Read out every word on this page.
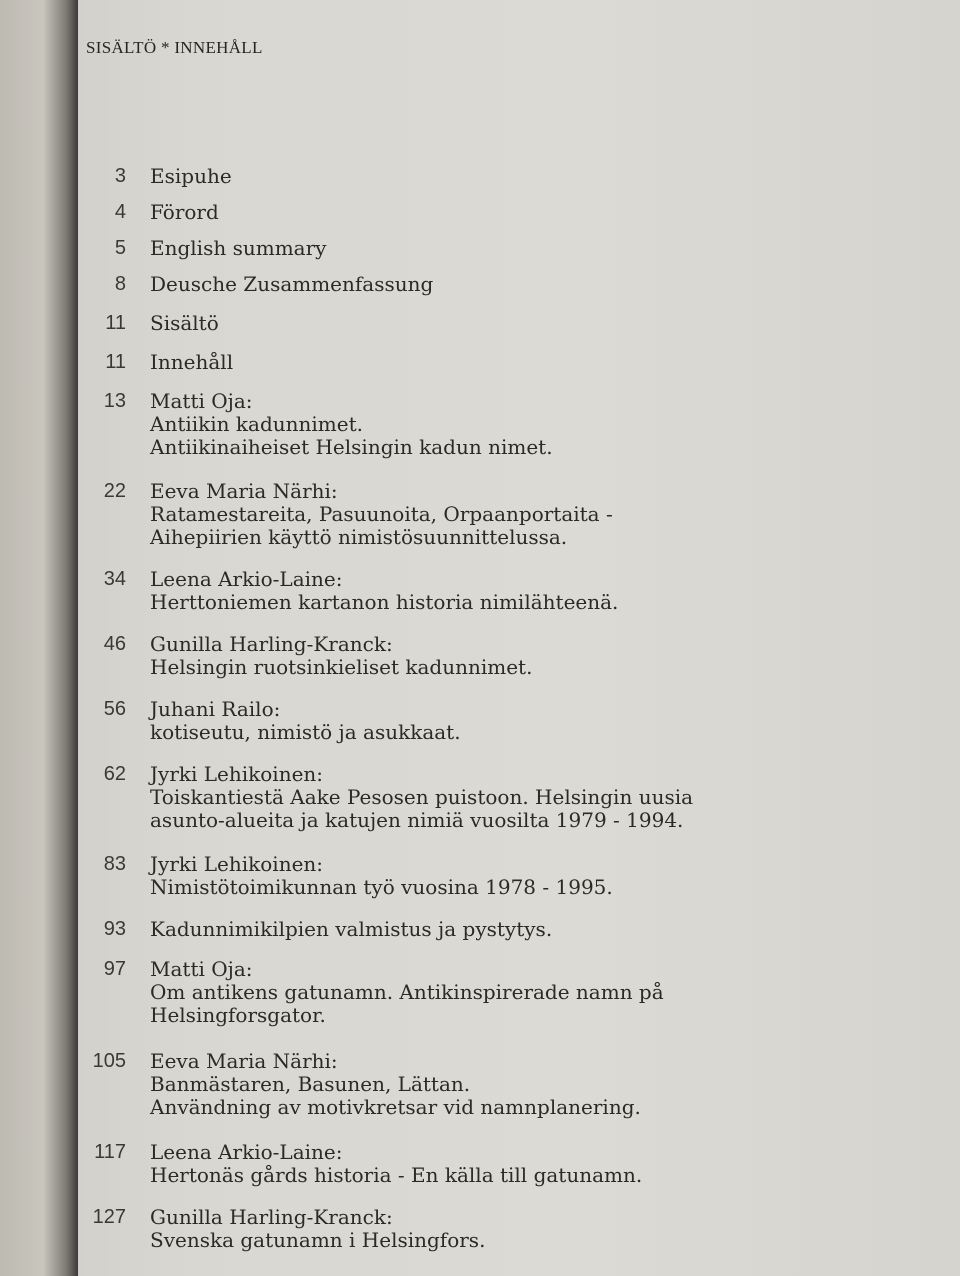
SISÄLTÖ * INNEHÅLL
3 Esipuhe
4 Förord
5 English summary
8 Deusche Zusammenfassung
11 Sisältö
11 Innehåll
13 Matti Oja:
Antiikin kadunnimet.
Antiikinaiheiset Helsingin kadun nimet.
22 Eeva Maria Närhi:
Ratamestareita, Pasuunoita, Orpaanportaita -
Aihepiirien käyttö nimistösuunnittelussa.
34 Leena Arkio-Laine:
Herttoniemen kartanon historia nimilähteenä.
46 Gunilla Harling-Kranck:
Helsingin ruotsinkieliset kadunnimet.
56 Juhani Railo:
kotiseutu, nimistö ja asukkaat.
62 Jyrki Lehikoinen:
Toiskantiestä Aake Pesosen puistoon. Helsingin uusia
asunto-alueita ja katujen nimiä vuosilta 1979 - 1994.
83 Jyrki Lehikoinen:
Nimistötoimikunnan työ vuosina 1978 - 1995.
93 Kadunnimikilpien valmistus ja pystytys.
97 Matti Oja:
Om antikens gatunamn. Antikinspirerade namn på
Helsingforsgator.
105 Eeva Maria Närhi:
Banmästaren, Basunen, Lättan.
Användning av motivkretsar vid namnplanering.
117 Leena Arkio-Laine:
Hertonäs gårds historia - En källa till gatunamn.
127 Gunilla Harling-Kranck:
Svenska gatunamn i Helsingfors.
